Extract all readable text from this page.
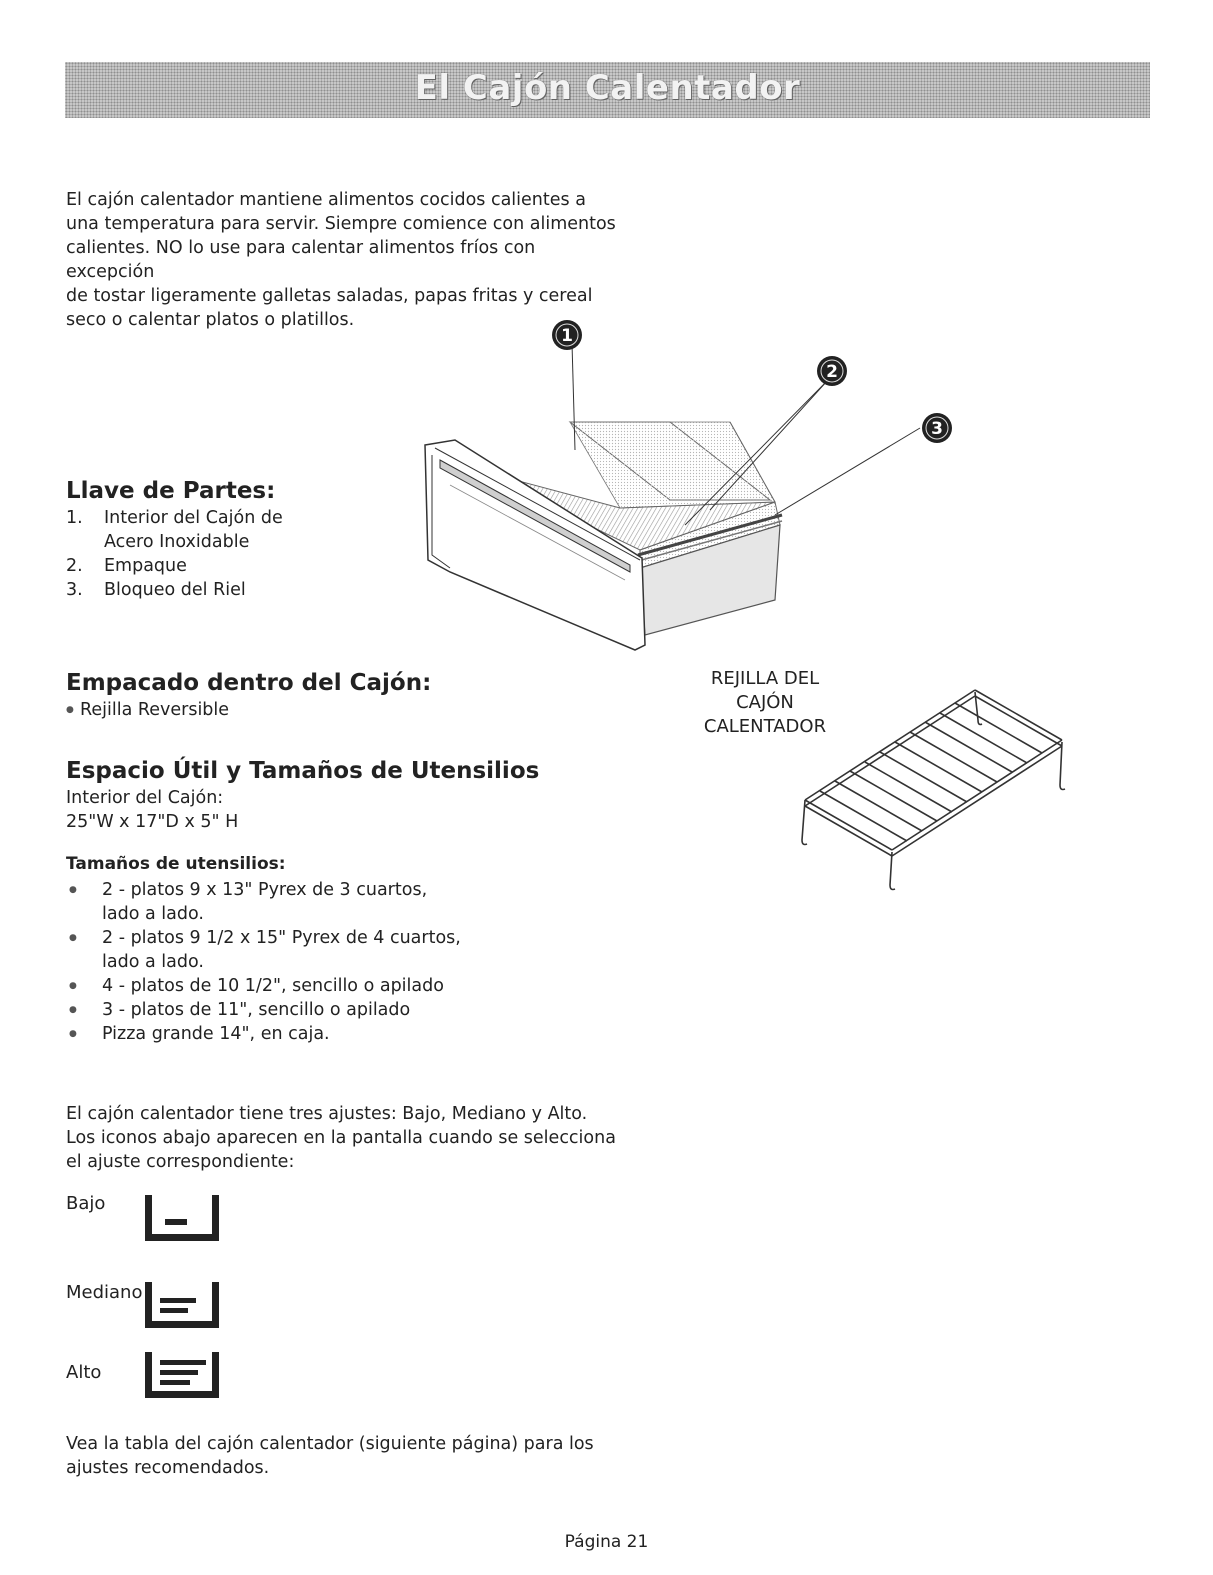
El Cajón Calentador
El cajón calentador mantiene alimentos cocidos calientes a
una temperatura para servir. Siempre comience con alimentos
calientes. NO lo use para calentar alimentos fríos con excepción
de tostar ligeramente galletas saladas, papas fritas y cereal
seco o calentar platos o platillos.
Llave de Partes:
1. Interior del Cajón de
Acero Inoxidable
2. Empaque
3. Bloqueo del Riel
1
2
3
Empacado dentro del Cajón:
● Rejilla Reversible
REJILLA DEL
CAJÓN
CALENTADOR
Espacio Útil y Tamaños de Utensilios
Interior del Cajón:
25"W x 17"D x 5" H
Tamaños de utensilios:
● 2 - platos 9 x 13" Pyrex de 3 cuartos,
lado a lado.
● 2 - platos 9 1/2 x 15" Pyrex de 4 cuartos,
lado a lado.
● 4 - platos de 10 1/2", sencillo o apilado
● 3 - platos de 11", sencillo o apilado
● Pizza grande 14", en caja.
El cajón calentador tiene tres ajustes: Bajo, Mediano y Alto.
Los iconos abajo aparecen en la pantalla cuando se selecciona
el ajuste correspondiente:
Bajo
Mediano
Alto
Vea la tabla del cajón calentador (siguiente página) para los
ajustes recomendados.
Página 21
